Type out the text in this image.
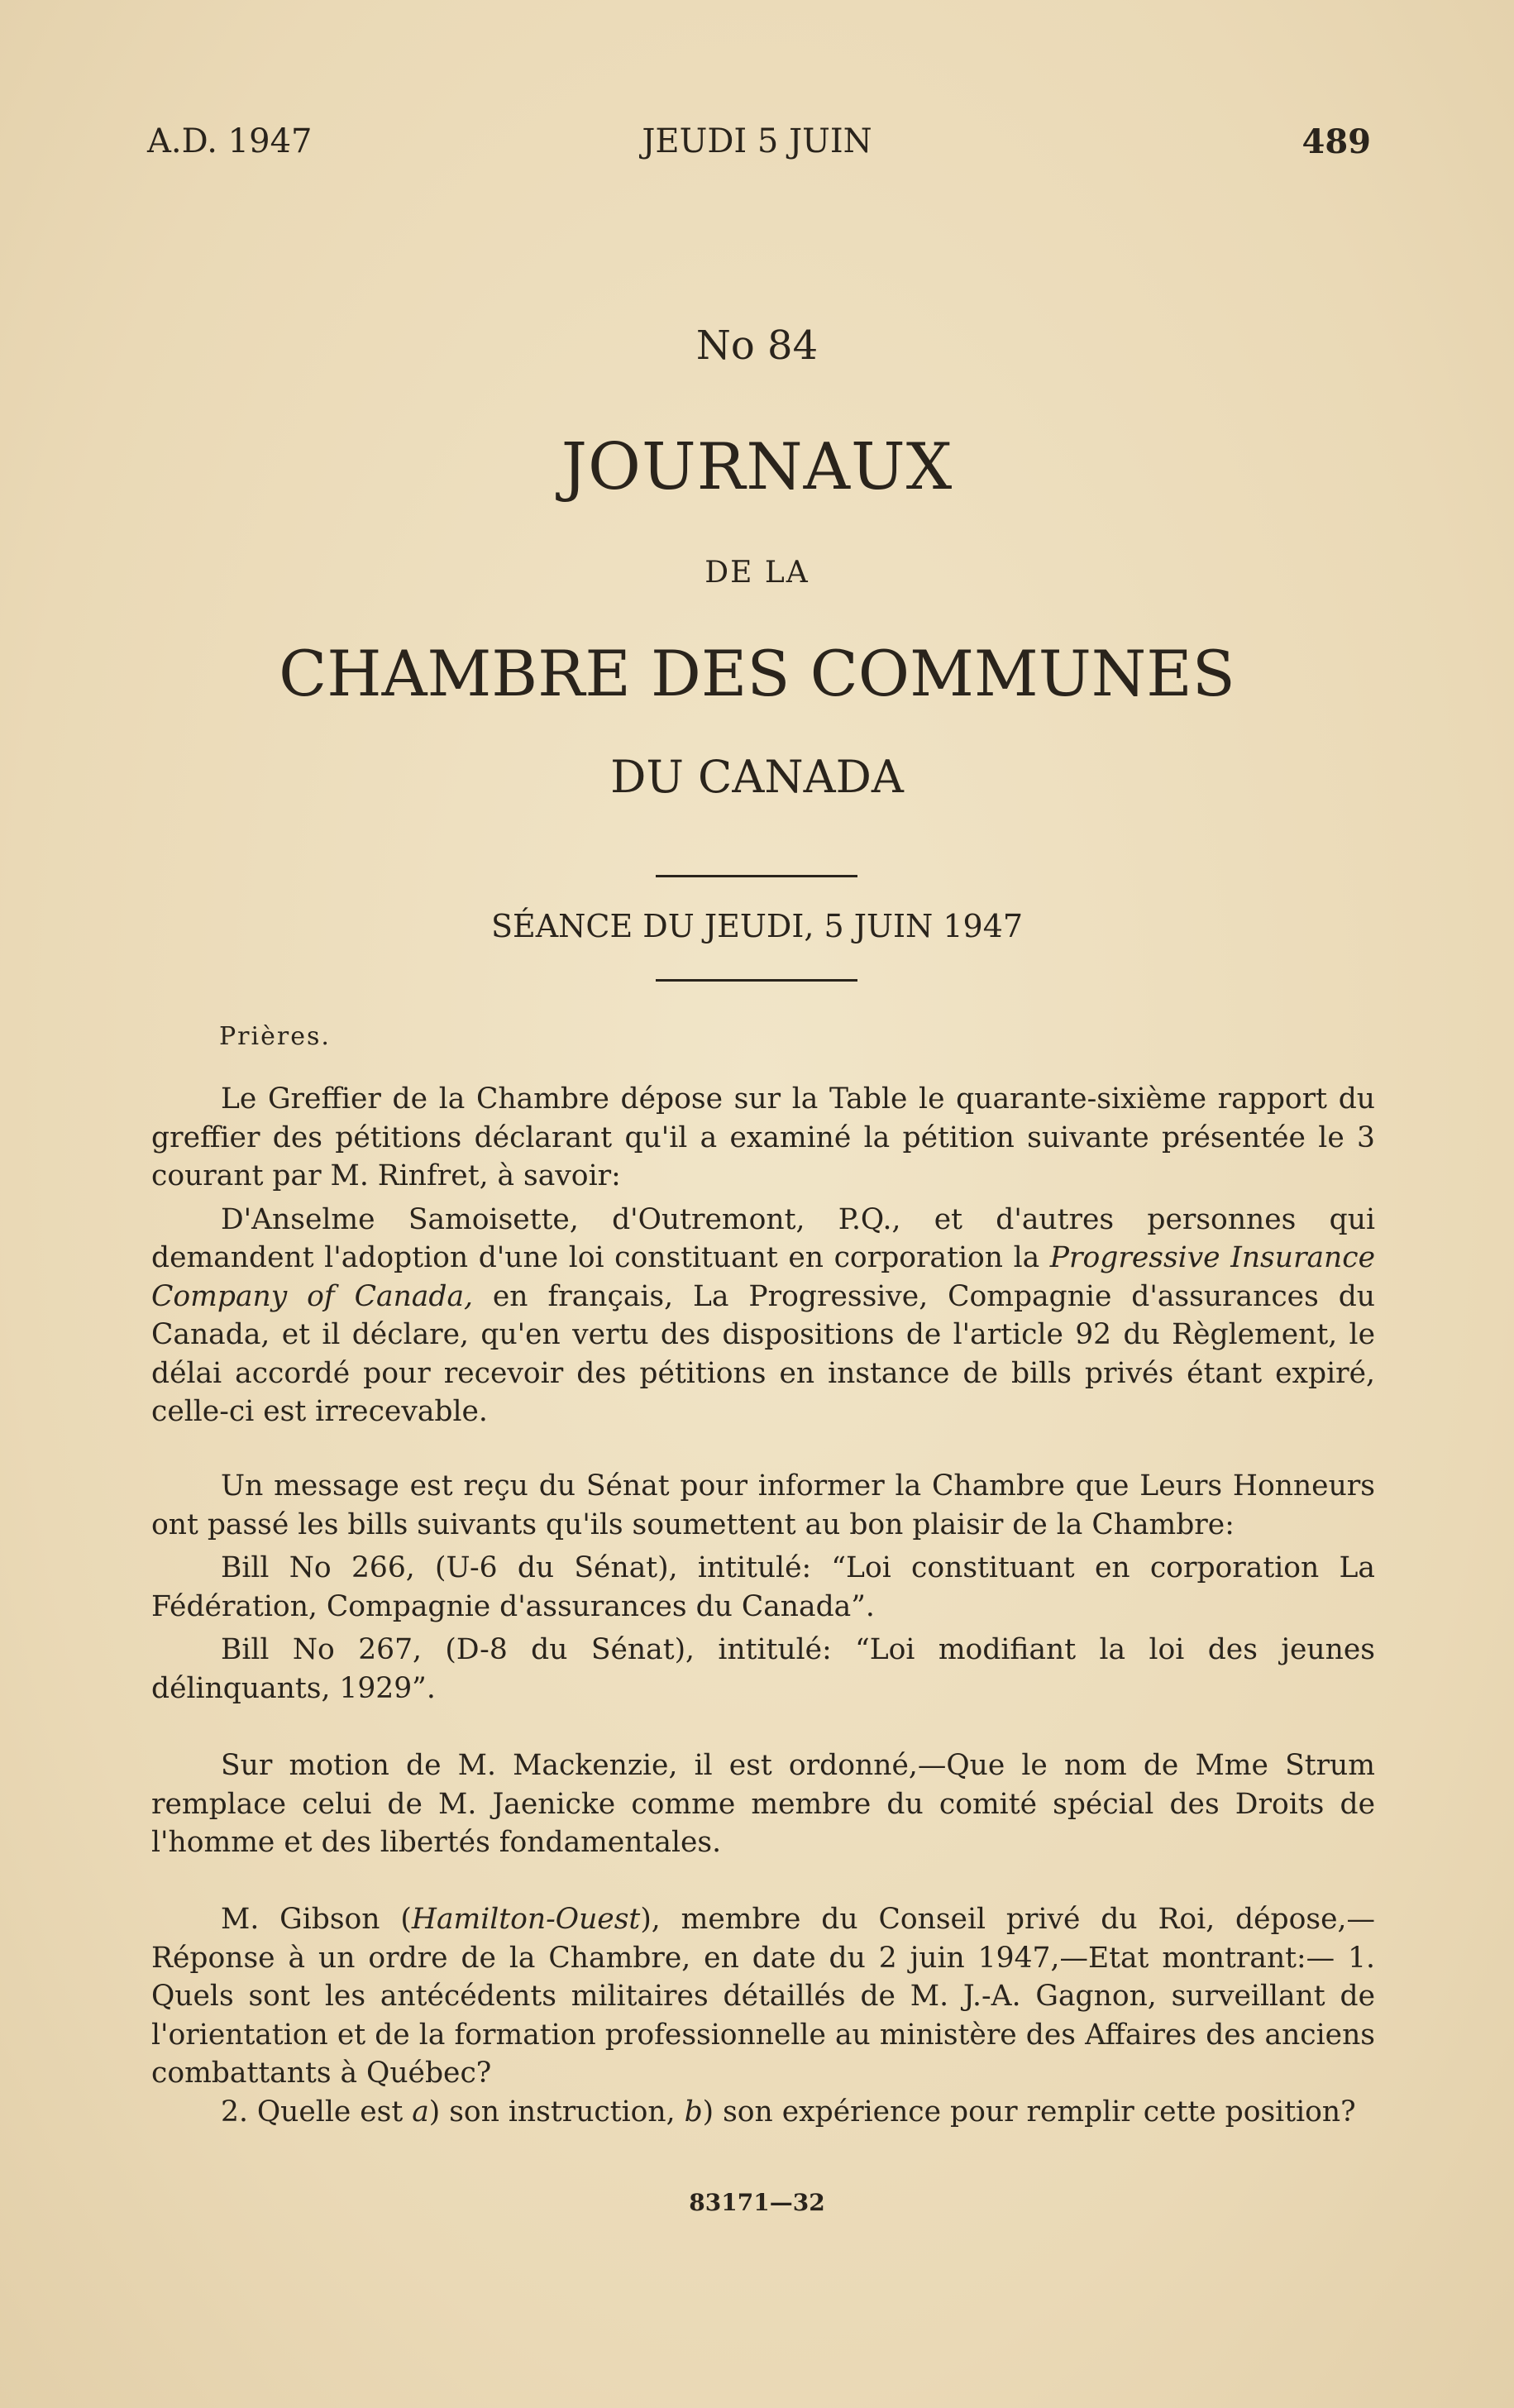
A.D. 1947	JEUDI 5 JUIN	489
No 84
JOURNAUX
DE LA
CHAMBRE DES COMMUNES
DU CANADA
SÉANCE DU JEUDI, 5 JUIN 1947
Prières.

Le Greffier de la Chambre dépose sur la Table le quarante-sixième rapport du greffier des pétitions déclarant qu'il a examiné la pétition suivante présentée le 3 courant par M. Rinfret, à savoir:

D'Anselme Samoisette, d'Outremont, P.Q., et d'autres personnes qui demandent l'adoption d'une loi constituant en corporation la Progressive Insurance Company of Canada, en français, La Progressive, Compagnie d'assurances du Canada, et il déclare, qu'en vertu des dispositions de l'article 92 du Règlement, le délai accordé pour recevoir des pétitions en instance de bills privés étant expiré, celle-ci est irrecevable.

Un message est reçu du Sénat pour informer la Chambre que Leurs Honneurs ont passé les bills suivants qu'ils soumettent au bon plaisir de la Chambre:

Bill No 266, (U-6 du Sénat), intitulé: “Loi constituant en corporation La Fédération, Compagnie d'assurances du Canada”.

Bill No 267, (D-8 du Sénat), intitulé: “Loi modifiant la loi des jeunes délinquants, 1929”.

Sur motion de M. Mackenzie, il est ordonné,—Que le nom de Mme Strum remplace celui de M. Jaenicke comme membre du comité spécial des Droits de l'homme et des libertés fondamentales.

M. Gibson (Hamilton-Ouest), membre du Conseil privé du Roi, dépose,— Réponse à un ordre de la Chambre, en date du 2 juin 1947,—Etat montrant:— 1. Quels sont les antécédents militaires détaillés de M. J.-A. Gagnon, surveillant de l'orientation et de la formation professionnelle au ministère des Affaires des anciens combattants à Québec?

2. Quelle est a) son instruction, b) son expérience pour remplir cette position?

83171—32
